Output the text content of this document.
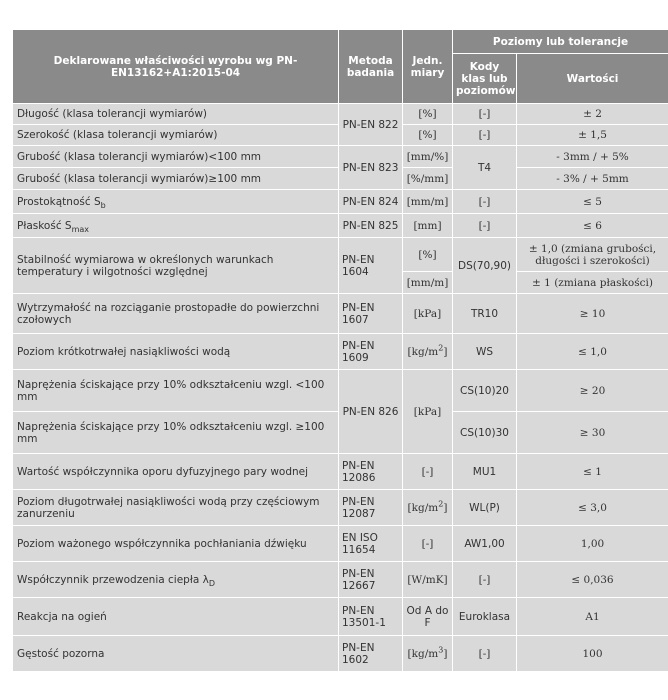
Deklarowane właściwości wyrobu wg PN-EN13162+A1:2015-04	Metoda badania	Jedn. miary	Poziomy lub tolerancje	
			Kody klas lub poziomów	Wartości
Długość (klasa tolerancji wymiarów)	PN-EN 822	[%]	[-]	± 2
Szerokość (klasa tolerancji wymiarów)		[%]	[-]	± 1,5
Grubość (klasa tolerancji wymiarów)<100 mm	PN-EN 823	[mm/%]	T4	- 3mm / + 5%
Grubość (klasa tolerancji wymiarów)≥100 mm		[%/mm]		- 3% / + 5mm
Prostokątność $S_b$	PN-EN 824	[mm/m]	[-]	≤ 5
Płaskość $S_{max}$	PN-EN 825	[mm]	[-]	≤ 6
Stabilność wymiarowa w określonych warunkach temperatury i wilgotności względnej	PN-EN 1604	[%]	DS(70,90)	± 1,0 (zmiana grubości, długości i szerokości)
		[mm/m]		± 1 (zmiana płaskości)
Wytrzymałość na rozciąganie prostopadłe do powierzchni czołowych	PN-EN 1607	[kPa]	TR10	≥ 10
Poziom krótkotrwałej nasiąkliwości wodą	PN-EN 1609	$[kg/m^2]$	WS	≤ 1,0
Naprężenia ściskające przy 10% odkształceniu wzgl. <100 mm	PN-EN 826	[kPa]	CS(10)20	≥ 20
Naprężenia ściskające przy 10% odkształceniu wzgl. ≥100 mm			CS(10)30	≥ 30
Wartość współczynnika oporu dyfuzyjnego pary wodnej	PN-EN 12086	[-]	MU1	≤ 1
Poziom długotrwałej nasiąkliwości wodą przy częściowym zanurzeniu	PN-EN 12087	$[kg/m^2]$	WL(P)	≤ 3,0
Poziom ważonego współczynnika pochłaniania dźwięku	EN ISO 11654	[-]	AW1,00	1,00
Współczynnik przewodzenia ciepła $\lambda_D$	PN-EN 12667	[W/mK]	[-]	≤ 0,036
Reakcja na ogień	PN-EN 13501-1	Od A do F	Euroklasa	A1
Gęstość pozorna	PN-EN 1602	$[kg/m^3]$	[-]	100
